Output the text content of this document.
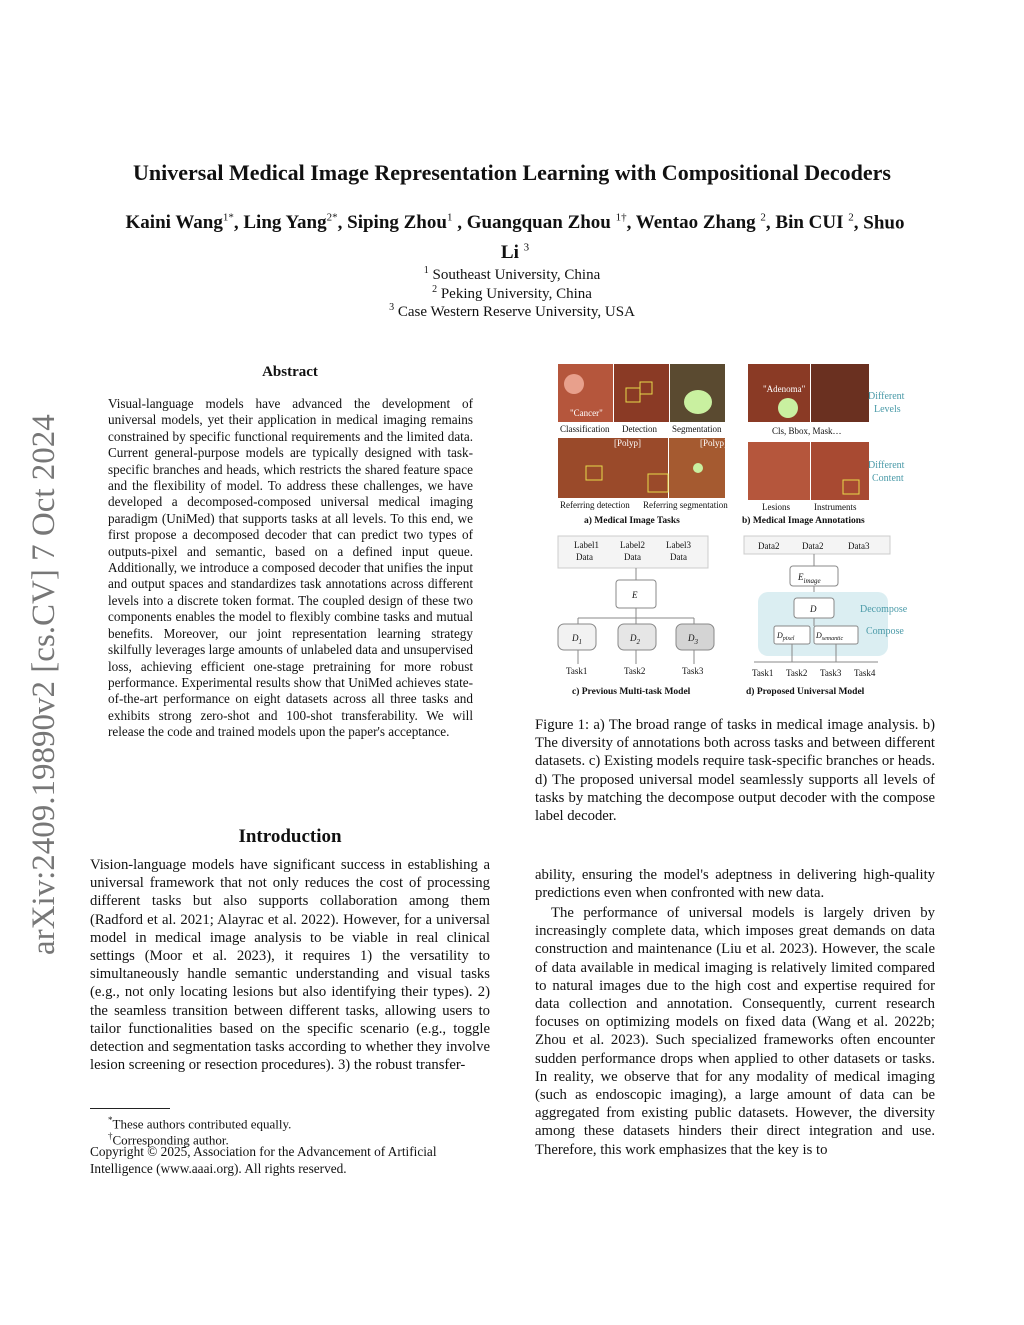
arXiv:2409.19890v2 [cs.CV] 7 Oct 2024
Universal Medical Image Representation Learning with Compositional Decoders
Kaini Wang$^{1*}$, Ling Yang$^{2*}$, Siping Zhou$^1$ , Guangquan Zhou $^{1\dagger}$, Wentao Zhang $^2$, Bin CUI $^2$, Shuo
Li $^3$
$^1$ Southeast University, China
$^2$ Peking University, China
$^3$ Case Western Reserve University, USA
Abstract
Visual-language models have advanced the development of universal models, yet their application in medical imaging remains constrained by specific functional requirements and the limited data. Current general-purpose models are typically designed with task-specific branches and heads, which restricts the shared feature space and the flexibility of model. To address these challenges, we have developed a decomposed-composed universal medical imaging paradigm (UniMed) that supports tasks at all levels. To this end, we first propose a decomposed decoder that can predict two types of outputs-pixel and semantic, based on a defined input queue. Additionally, we introduce a composed decoder that unifies the input and output spaces and standardizes task annotations across different levels into a discrete token format. The coupled design of these two components enables the model to flexibly combine tasks and mutual benefits. Moreover, our joint representation learning strategy skilfully leverages large amounts of unlabeled data and unsupervised loss, achieving efficient one-stage pretraining for more robust performance. Experimental results show that UniMed achieves state-of-the-art performance on eight datasets across all three tasks and exhibits strong zero-shot and 100-shot transferability. We will release the code and trained models upon the paper's acceptance.
Introduction
Vision-language models have significant success in establishing a universal framework that not only reduces the cost of processing different tasks but also supports collaboration among them (Radford et al. 2021; Alayrac et al. 2022). However, for a universal model in medical image analysis to be viable in real clinical settings (Moor et al. 2023), it requires 1) the versatility to simultaneously handle semantic understanding and visual tasks (e.g., not only locating lesions but also identifying their types). 2) the seamless transition between different tasks, allowing users to tailor functionalities based on the specific scenario (e.g., toggle detection and segmentation tasks according to whether they involve lesion screening or resection procedures). 3) the robust transfer-
*These authors contributed equally.
†Corresponding author.
Copyright © 2025, Association for the Advancement of Artificial Intelligence (www.aaai.org). All rights reserved.
"Cancer"
[Polyp]	[Polyp]
"Adenoma"
Classification Detection Segmentation
Referring detection Referring segmentation
a) Medical Image Tasks
Cls, Bbox, Mask…
Different
Levels
Different
Content
Lesions	Instruments
b) Medical Image Annotations
Label1
Data
Label2
Data
Label3
Data
E
$D_1$	$D_2$	$D_3$
Task1	Task2	Task3
c) Previous Multi-task Model
Data2	Data2	Data3
$E_{image}$
D
$D_{pixel}$	$D_{semantic}$
Decompose
Compose
Task1 Task2 Task3 Task4
d) Proposed Universal Model
Figure 1: a) The broad range of tasks in medical image analysis. b) The diversity of annotations both across tasks and between different datasets. c) Existing models require task-specific branches or heads. d) The proposed universal model seamlessly supports all levels of tasks by matching the decompose output decoder with the compose label decoder.
ability, ensuring the model's adeptness in delivering high-quality predictions even when confronted with new data.
The performance of universal models is largely driven by increasingly complete data, which imposes great demands on data construction and maintenance (Liu et al. 2023). However, the scale of data available in medical imaging is relatively limited compared to natural images due to the high cost and expertise required for data collection and annotation. Consequently, current research focuses on optimizing models on fixed data (Wang et al. 2022b; Zhou et al. 2023). Such specialized frameworks often encounter sudden performance drops when applied to other datasets or tasks. In reality, we observe that for any modality of medical imaging (such as endoscopic imaging), a large amount of data can be aggregated from existing public datasets. However, the diversity among these datasets hinders their direct integration and use. Therefore, this work emphasizes that the key is to
